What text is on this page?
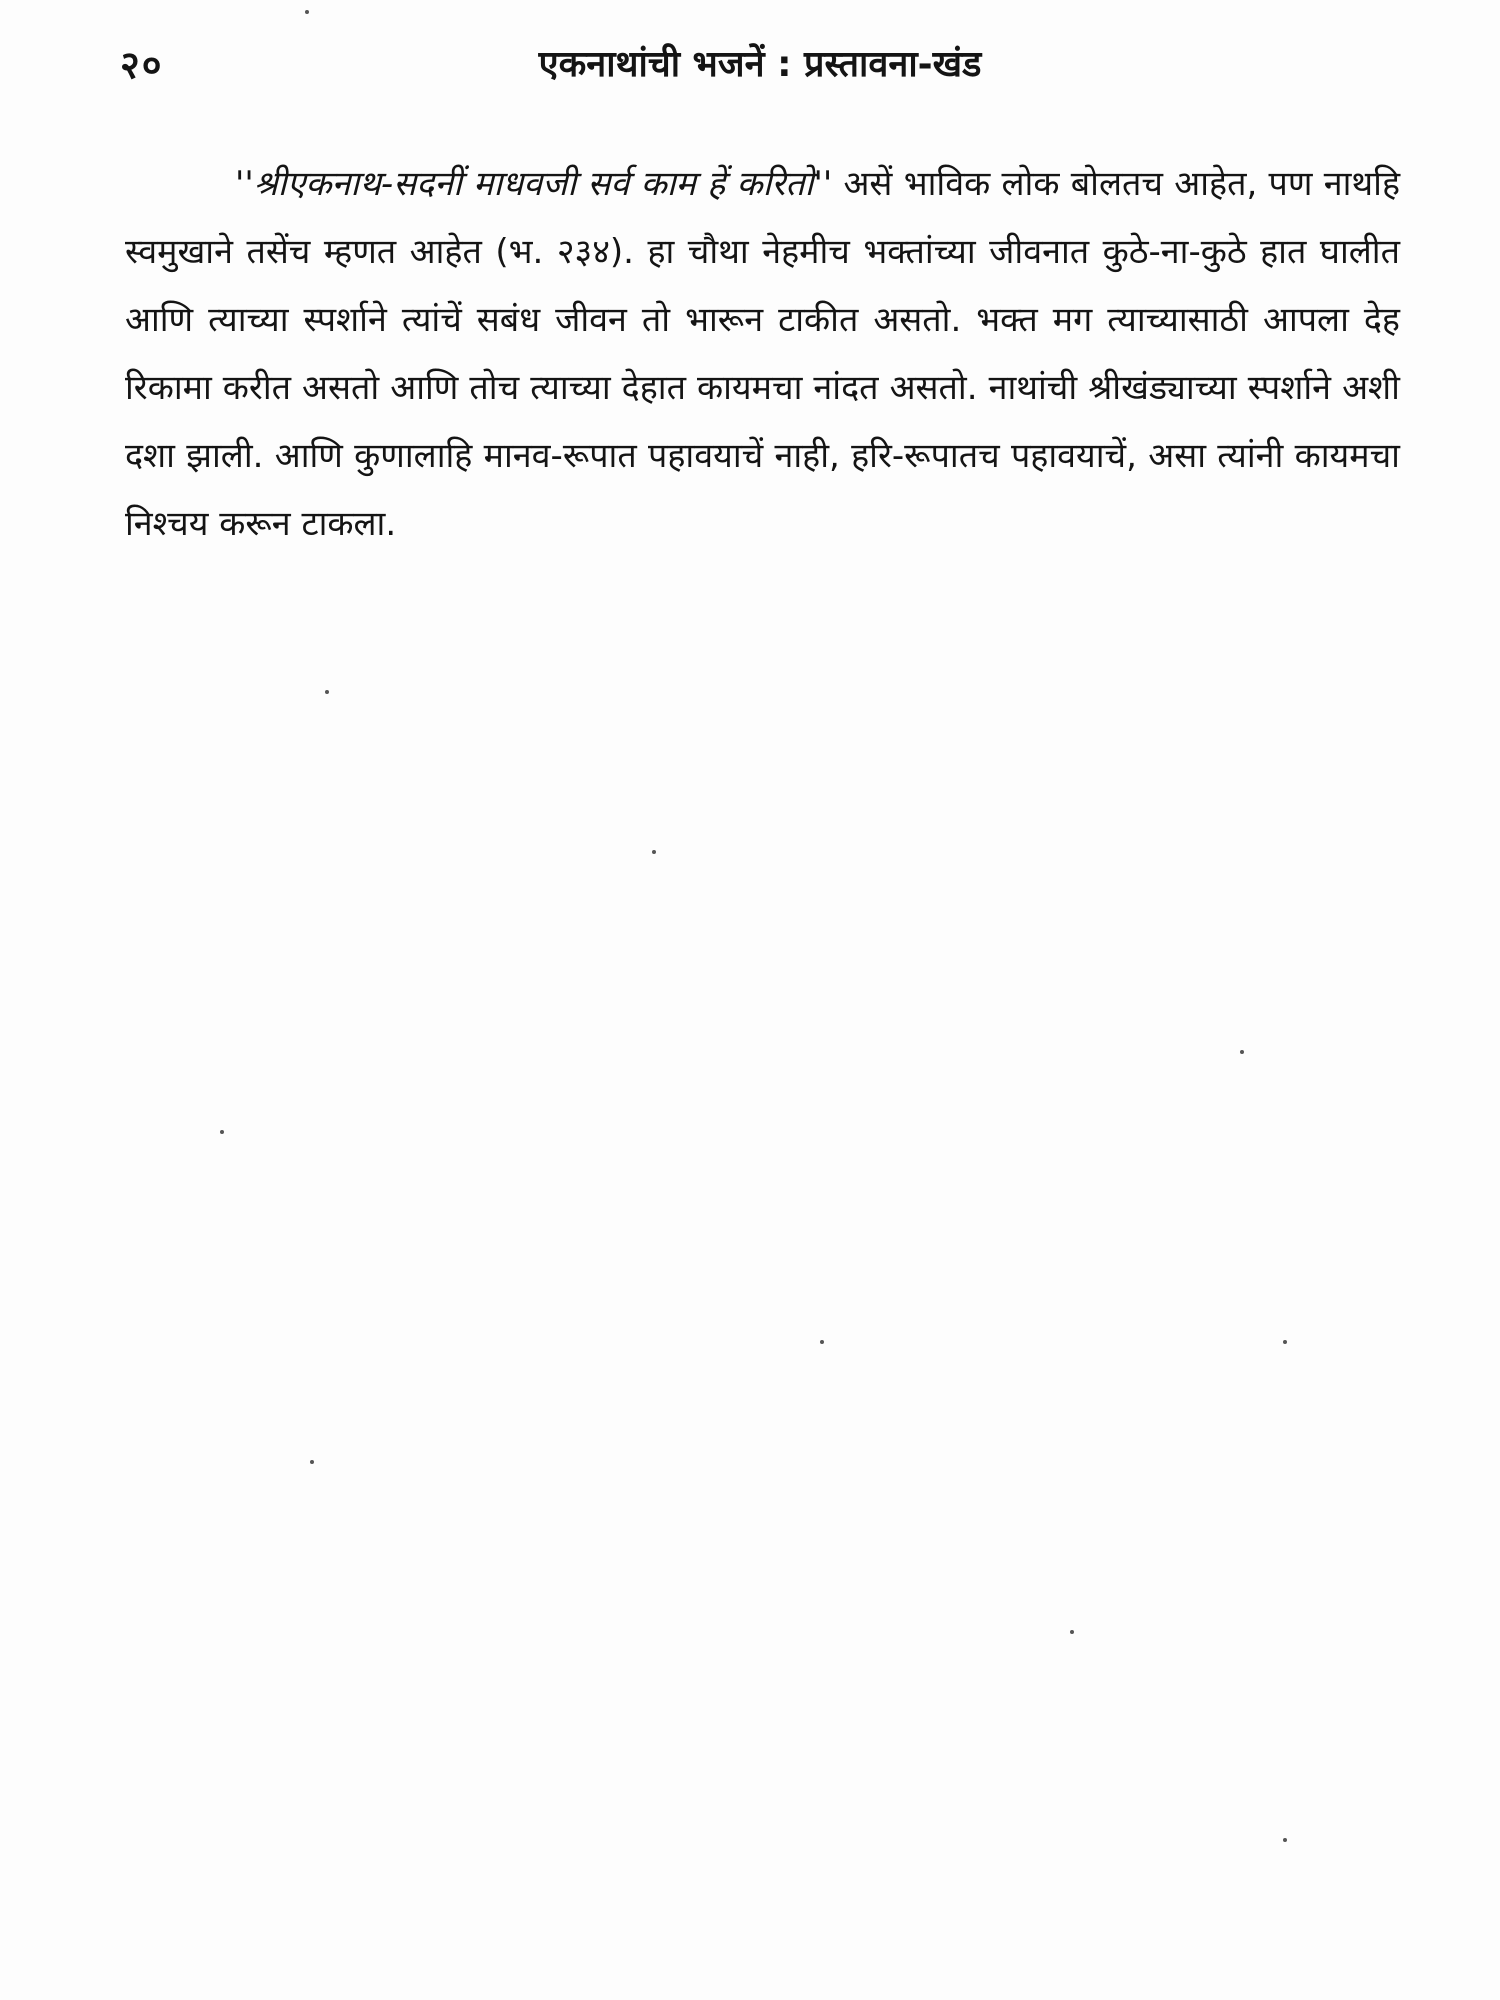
२०	एकनाथांची भजनें : प्रस्तावना-खंड

''श्रीएकनाथ-सदनीं माधवजी सर्व काम हें करितो'' असें भाविक लोक बोलतच आहेत, पण नाथहि स्वमुखाने तसेंच म्हणत आहेत (भ. २३४). हा चौथा नेहमीच भक्तांच्या जीवनात कुठे-ना-कुठे हात घालीत आणि त्याच्या स्पर्शाने त्यांचें सबंध जीवन तो भारून टाकीत असतो. भक्त मग त्याच्यासाठी आपला देह रिकामा करीत असतो आणि तोच त्याच्या देहात कायमचा नांदत असतो. नाथांची श्रीखंड्याच्या स्पर्शाने अशी दशा झाली. आणि कुणालाहि मानव-रूपात पहावयाचें नाही, हरि-रूपातच पहावयाचें, असा त्यांनी कायमचा निश्चय करून टाकला.
